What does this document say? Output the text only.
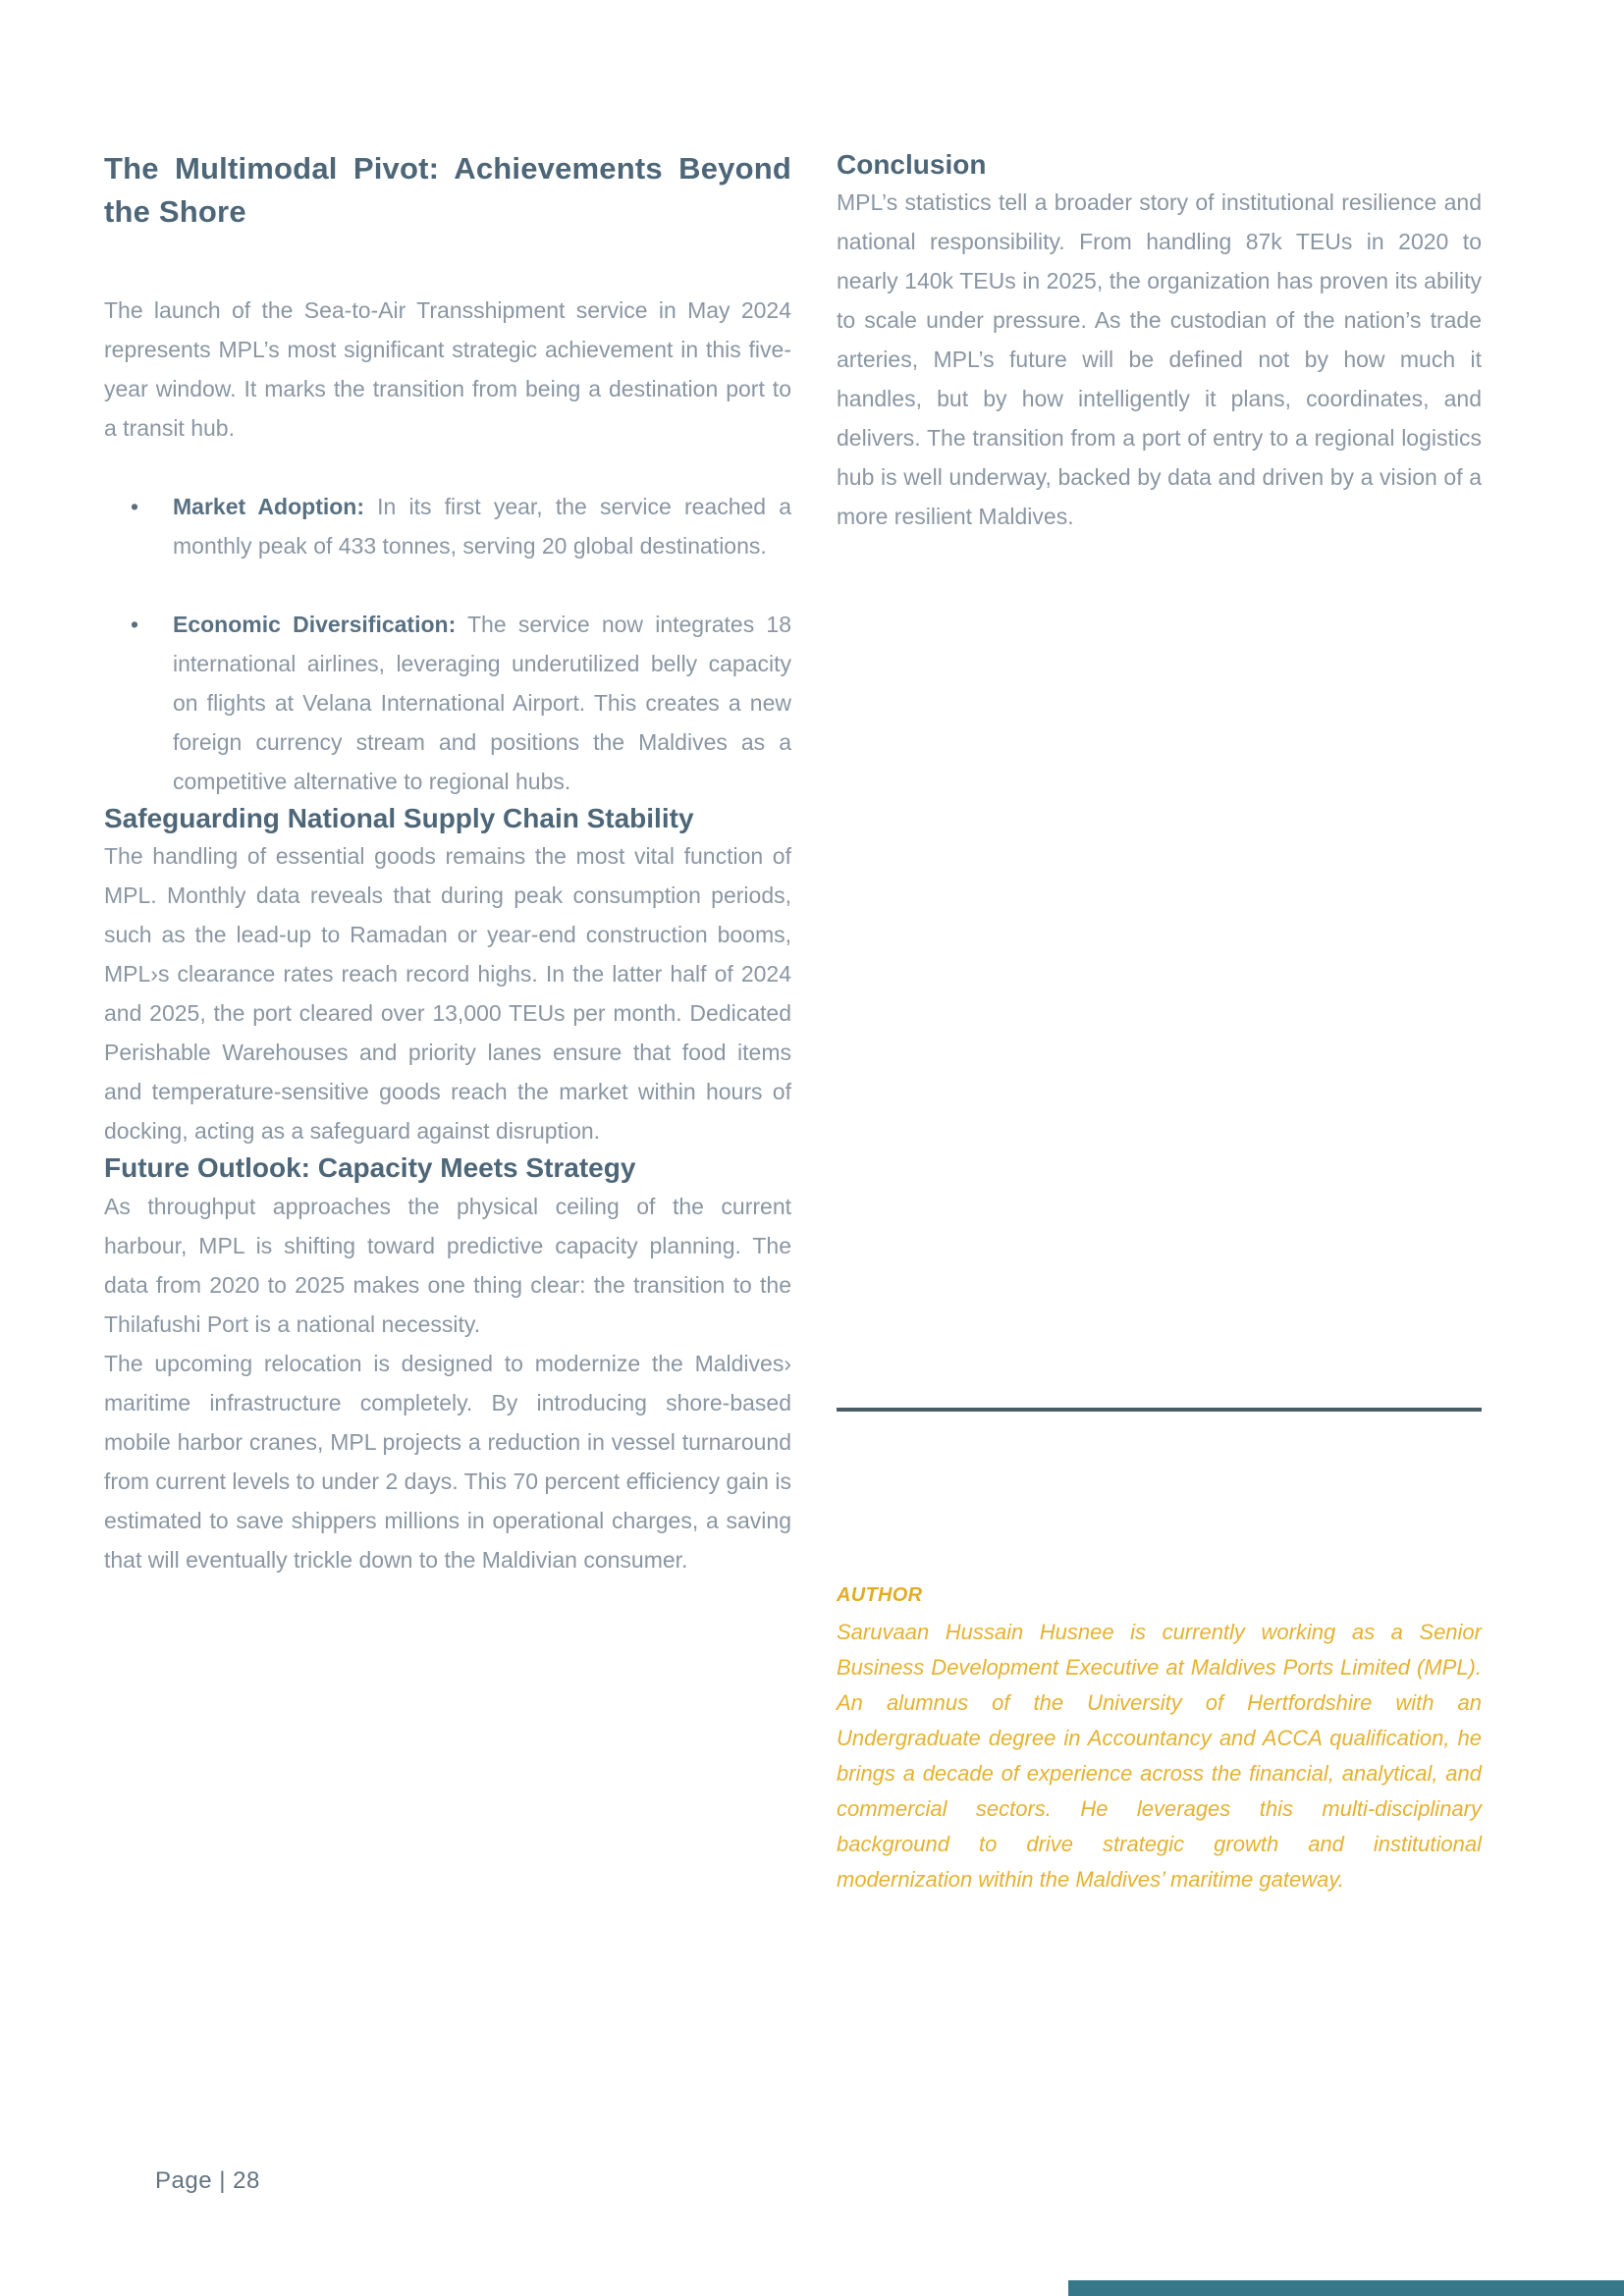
The Multimodal Pivot: Achievements Beyond the Shore

The launch of the Sea-to-Air Transshipment service in May 2024 represents MPL’s most significant strategic achievement in this five-year window. It marks the transition from being a destination port to a transit hub.

• Market Adoption: In its first year, the service reached a monthly peak of 433 tonnes, serving 20 global destinations.
• Economic Diversification: The service now integrates 18 international airlines, leveraging underutilized belly capacity on flights at Velana International Airport. This creates a new foreign currency stream and positions the Maldives as a competitive alternative to regional hubs.
Safeguarding National Supply Chain Stability

The handling of essential goods remains the most vital function of MPL. Monthly data reveals that during peak consumption periods, such as the lead-up to Ramadan or year-end construction booms, MPL›s clearance rates reach record highs. In the latter half of 2024 and 2025, the port cleared over 13,000 TEUs per month. Dedicated Perishable Warehouses and priority lanes ensure that food items and temperature-sensitive goods reach the market within hours of docking, acting as a safeguard against disruption.

Future Outlook: Capacity Meets Strategy

As throughput approaches the physical ceiling of the current harbour, MPL is shifting toward predictive capacity planning. The data from 2020 to 2025 makes one thing clear: the transition to the Thilafushi Port is a national necessity.

The upcoming relocation is designed to modernize the Maldives› maritime infrastructure completely. By introducing shore-based mobile harbor cranes, MPL projects a reduction in vessel turnaround from current levels to under 2 days. This 70 percent efficiency gain is estimated to save shippers millions in operational charges, a saving that will eventually trickle down to the Maldivian consumer.

Conclusion

MPL’s statistics tell a broader story of institutional resilience and national responsibility. From handling 87k TEUs in 2020 to nearly 140k TEUs in 2025, the organization has proven its ability to scale under pressure. As the custodian of the nation’s trade arteries, MPL’s future will be defined not by how much it handles, but by how intelligently it plans, coordinates, and delivers. The transition from a port of entry to a regional logistics hub is well underway, backed by data and driven by a vision of a more resilient Maldives.

AUTHOR

Saruvaan Hussain Husnee is currently working as a Senior Business Development Executive at Maldives Ports Limited (MPL). An alumnus of the University of Hertfordshire with an Undergraduate degree in Accountancy and ACCA qualification, he brings a decade of experience across the financial, analytical, and commercial sectors. He leverages this multi-disciplinary background to drive strategic growth and institutional modernization within the Maldives’ maritime gateway.

Page | 28
